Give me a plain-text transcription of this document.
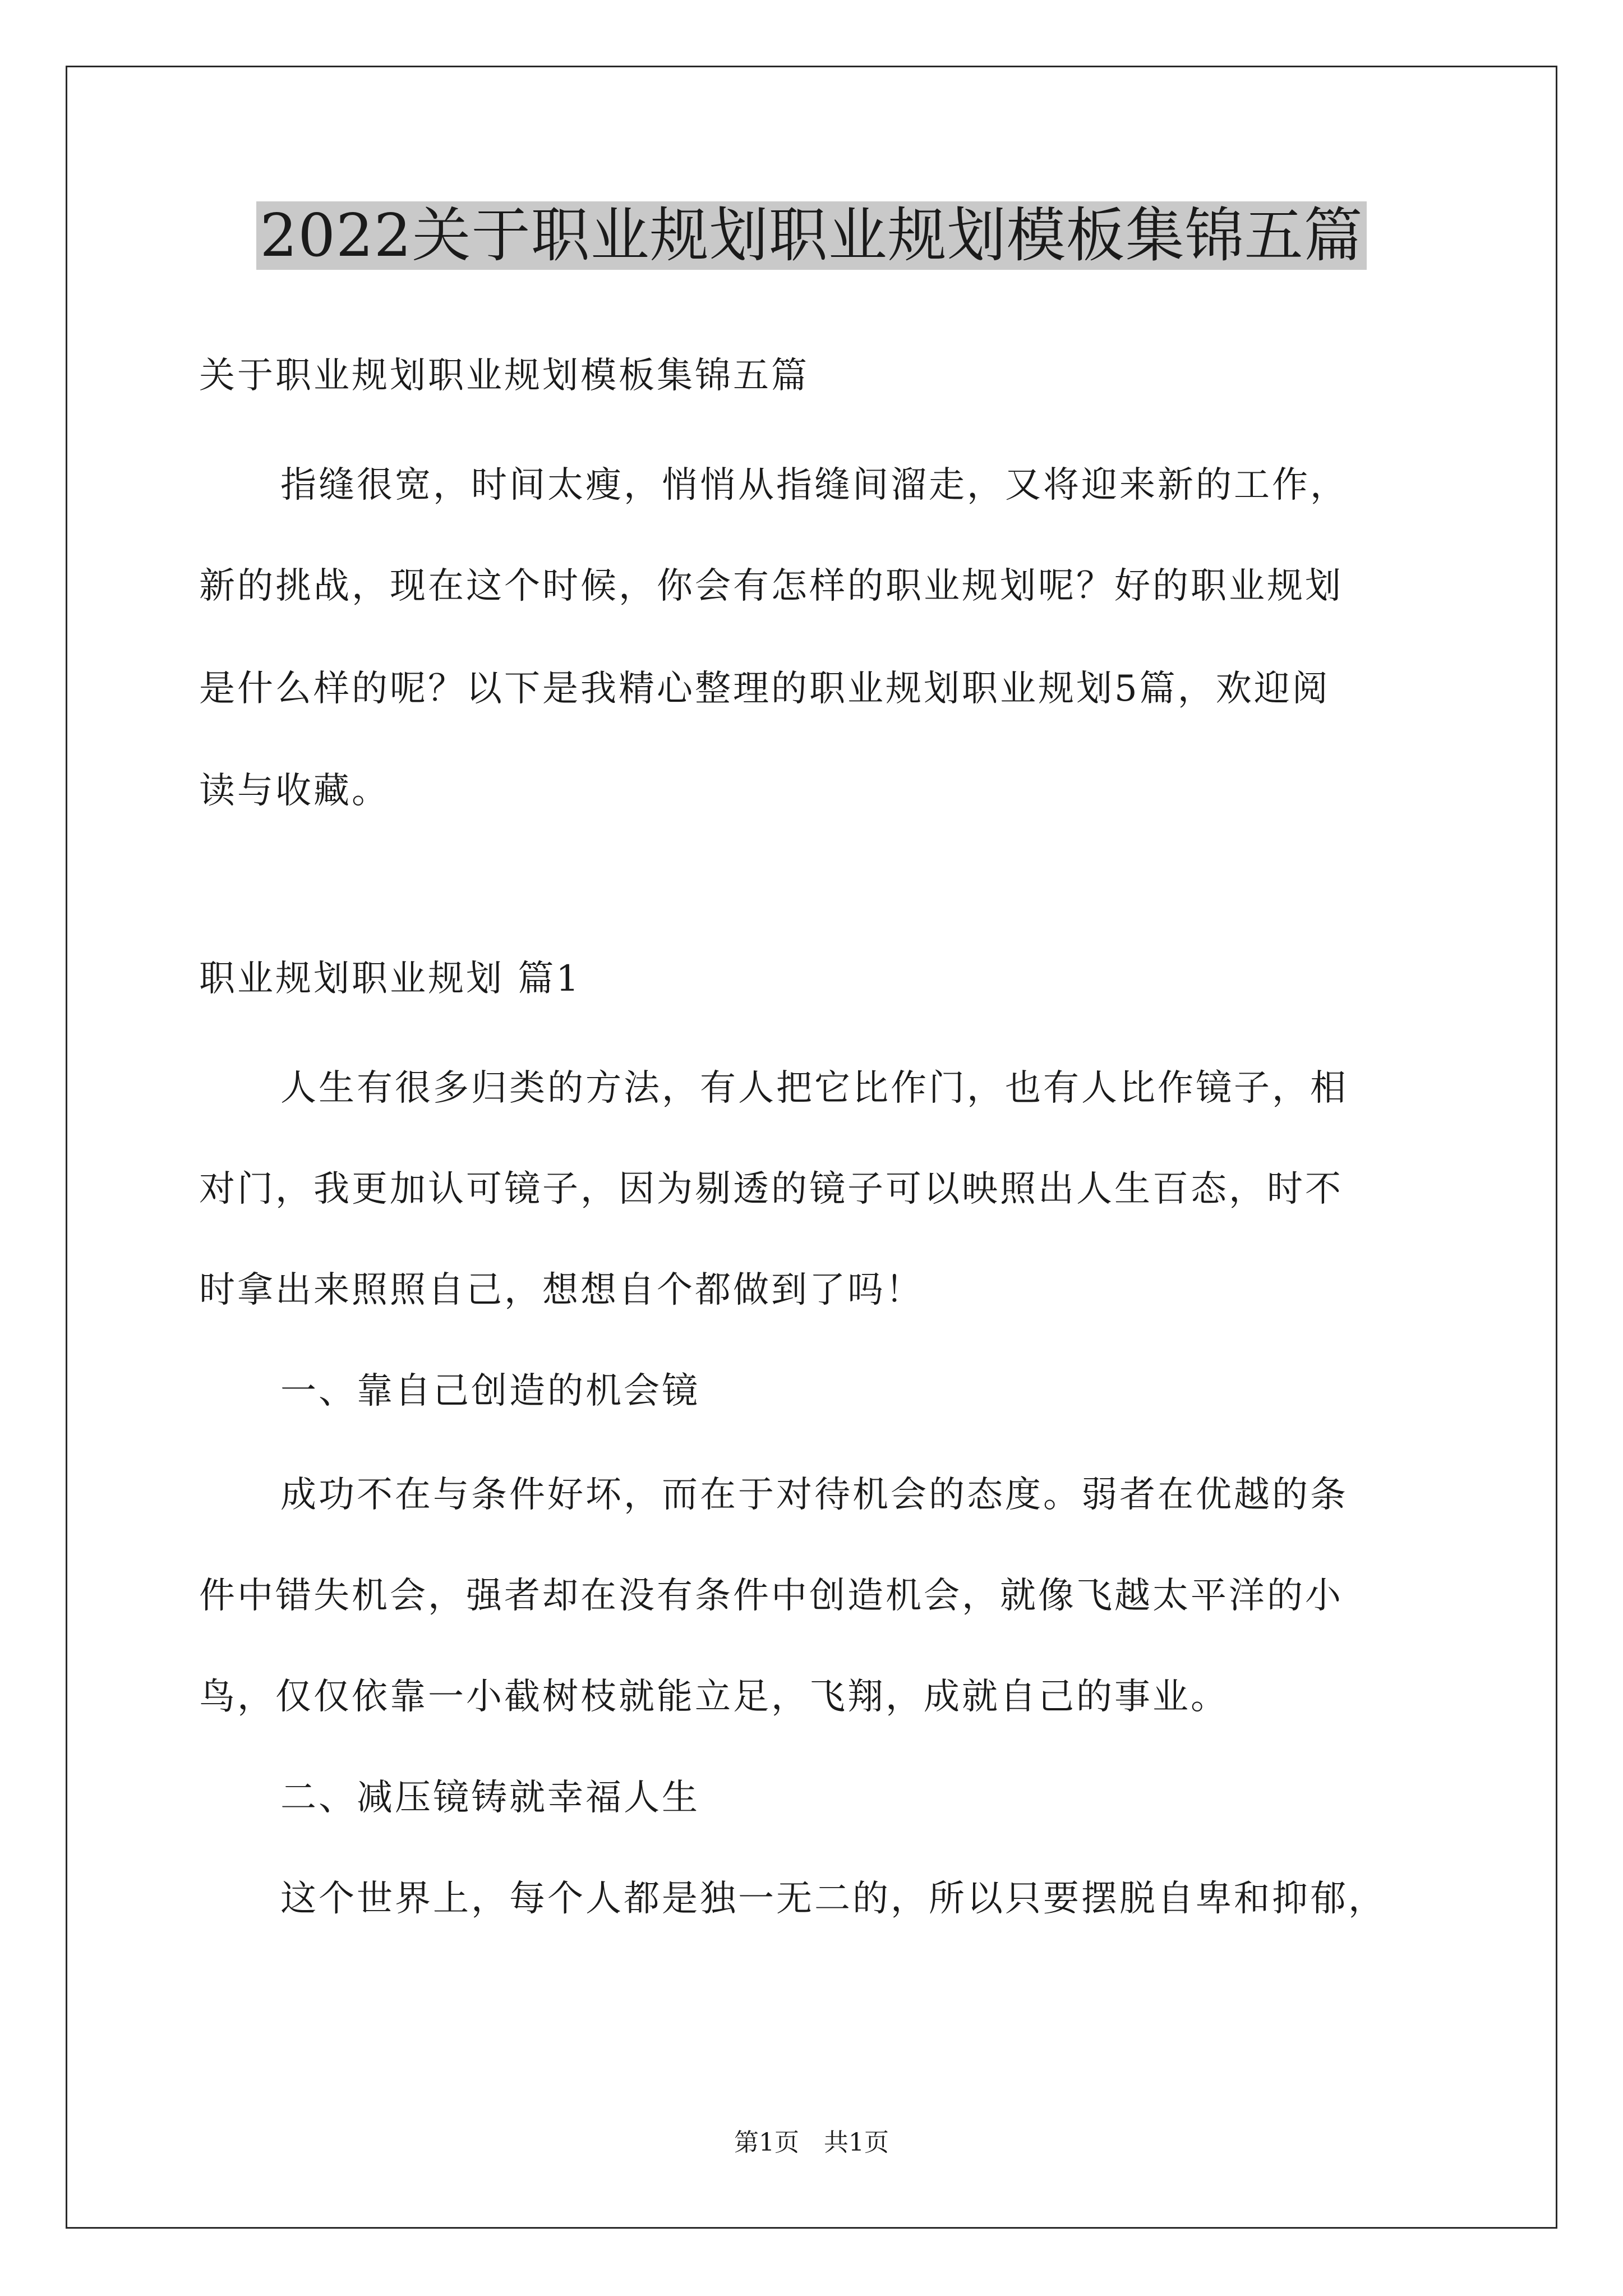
2022关于职业规划职业规划模板集锦五篇
关于职业规划职业规划模板集锦五篇
指缝很宽，时间太瘦，悄悄从指缝间溜走，又将迎来新的工作，
新的挑战，现在这个时候，你会有怎样的职业规划呢？好的职业规划
是什么样的呢？以下是我精心整理的职业规划职业规划5篇，欢迎阅
读与收藏。
职业规划职业规划 篇1
人生有很多归类的方法，有人把它比作门，也有人比作镜子，相
对门，我更加认可镜子，因为剔透的镜子可以映照出人生百态，时不
时拿出来照照自己，想想自个都做到了吗！
一、靠自己创造的机会镜
成功不在与条件好坏，而在于对待机会的态度。弱者在优越的条
件中错失机会，强者却在没有条件中创造机会，就像飞越太平洋的小
鸟，仅仅依靠一小截树枝就能立足，飞翔，成就自己的事业。
二、减压镜铸就幸福人生
这个世界上，每个人都是独一无二的，所以只要摆脱自卑和抑郁，
第1页　共1页
